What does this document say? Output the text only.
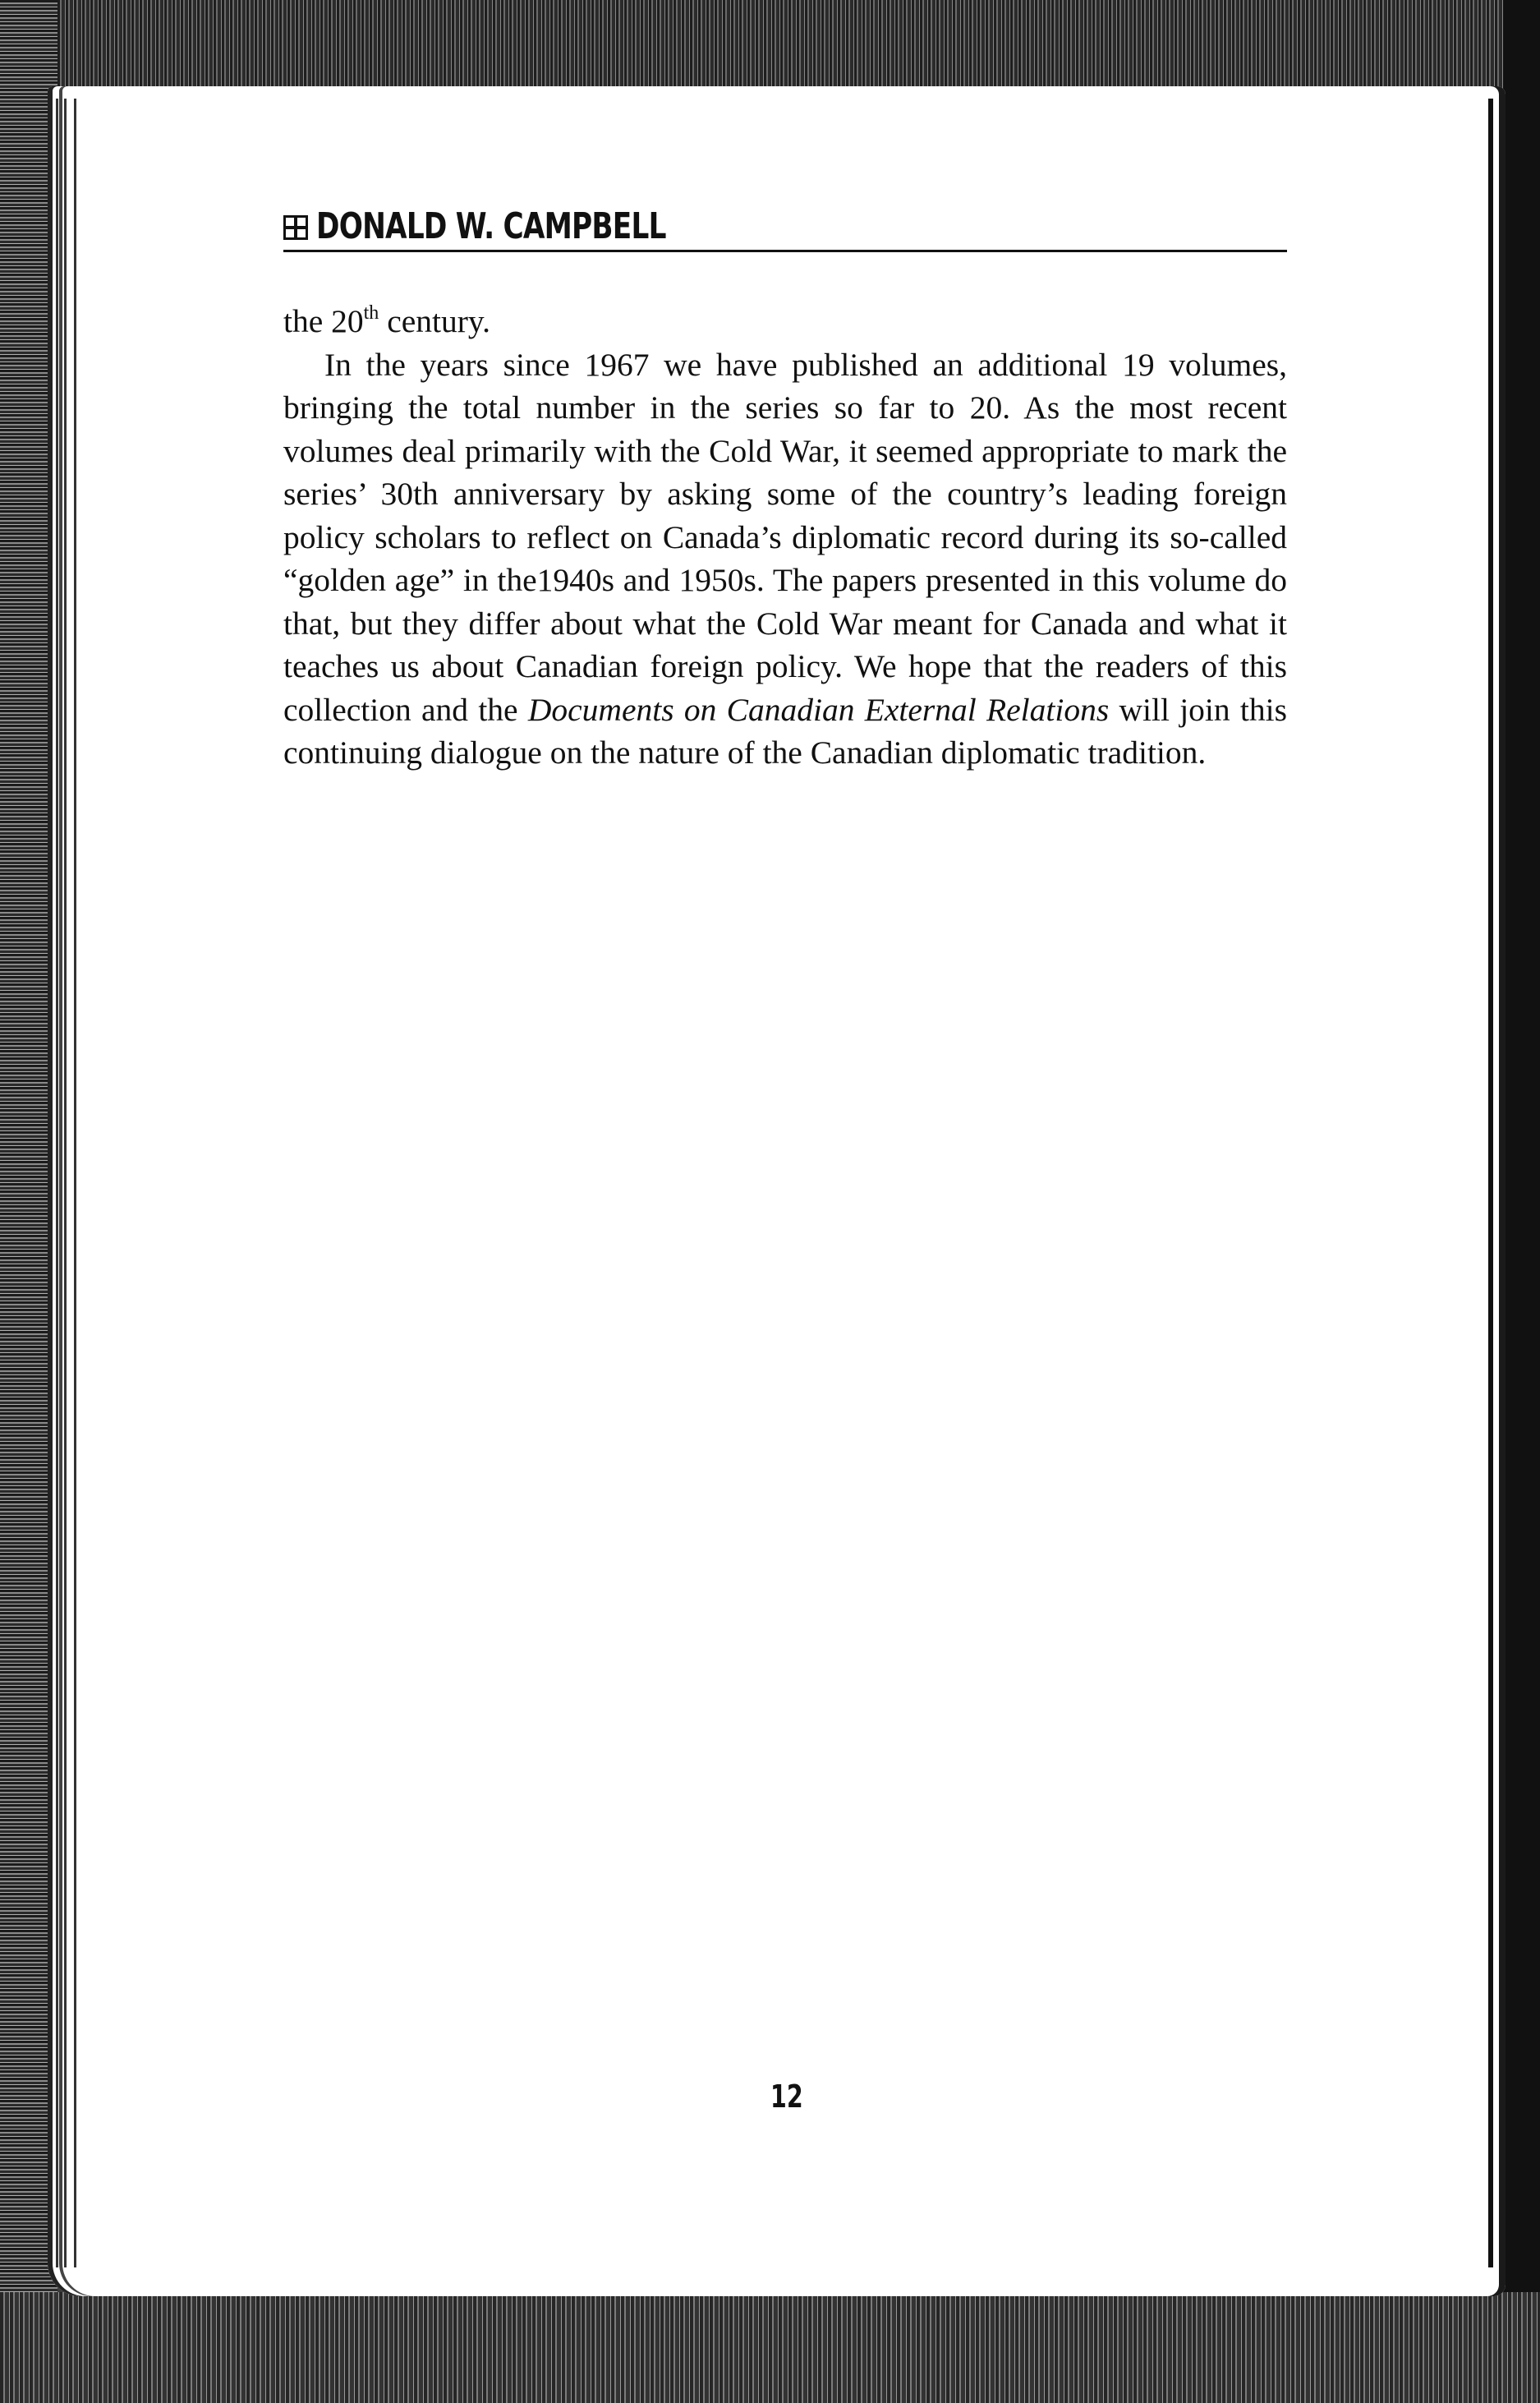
DONALD W. CAMPBELL

the 20th century.

In the years since 1967 we have published an additional 19 volumes, bringing the total number in the series so far to 20. As the most recent volumes deal primarily with the Cold War, it seemed appropriate to mark the series’ 30th anniversary by asking some of the country’s leading foreign policy scholars to reflect on Canada’s diplomatic record during its so-called “golden age” in the1940s and 1950s. The papers presented in this volume do that, but they differ about what the Cold War meant for Canada and what it teaches us about Canadian foreign policy. We hope that the readers of this collection and the Documents on Canadian External Relations will join this continuing dialogue on the nature of the Canadian diplomatic tradition.

12
